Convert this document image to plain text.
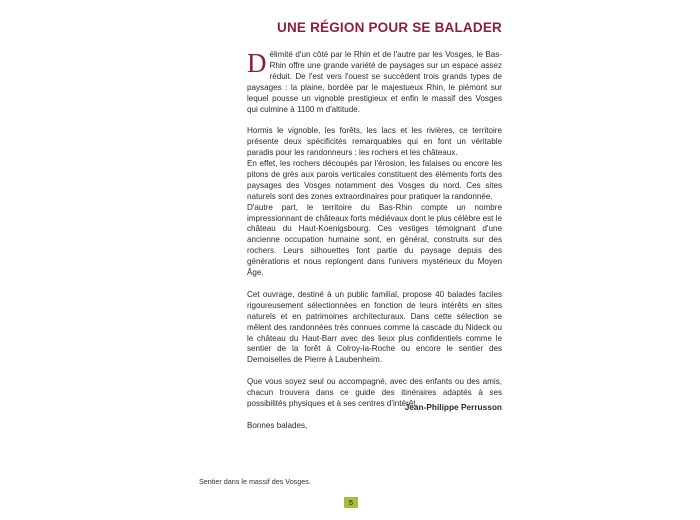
UNE RÉGION POUR SE BALADER

Délimité d'un côté par le Rhin et de l'autre par les Vosges, le Bas-Rhin offre une grande variété de paysages sur un espace assez réduit. De l'est vers l'ouest se succèdent trois grands types de paysages : la plaine, bordée par le majestueux Rhin, le piémont sur lequel pousse un vignoble prestigieux et enfin le massif des Vosges qui culmine à 1100 m d'altitude.

Hormis le vignoble, les forêts, les lacs et les rivières, ce territoire présente deux spécificités remarquables qui en font un véritable paradis pour les randonneurs : les rochers et les châteaux.

En effet, les rochers découpés par l'érosion, les falaises ou encore les pitons de grès aux parois verticales constituent des éléments forts des paysages des Vosges notamment des Vosges du nord. Ces sites naturels sont des zones extraordinaires pour pratiquer la randonnée.

D'autre part, le territoire du Bas-Rhin compte un nombre impressionnant de châteaux forts médiévaux dont le plus célèbre est le château du Haut-Koenigsbourg. Ces vestiges témoignant d'une ancienne occupation humaine sont, en général, construits sur des rochers. Leurs silhouettes font partie du paysage depuis des générations et nous replongent dans l'univers mystérieux du Moyen Âge.

Cet ouvrage, destiné à un public familial, propose 40 balades faciles rigoureusement sélectionnées en fonction de leurs intérêts en sites naturels et en patrimoines architecturaux. Dans cette sélection se mêlent des randonnées très connues comme la cascade du Nideck ou le château du Haut-Barr avec des lieux plus confidentiels comme le sentier de la forêt à Colroy-la-Roche ou encore le sentier des Demoiselles de Pierre à Laubenheim.

Que vous soyez seul ou accompagné, avec des enfants ou des amis, chacun trouvera dans ce guide des itinéraires adaptés à ses possibilités physiques et à ses centres d'intérêt.

Bonnes balades,

Jean-Philippe Perrusson
Sentier dans le massif des Vosges.
5
